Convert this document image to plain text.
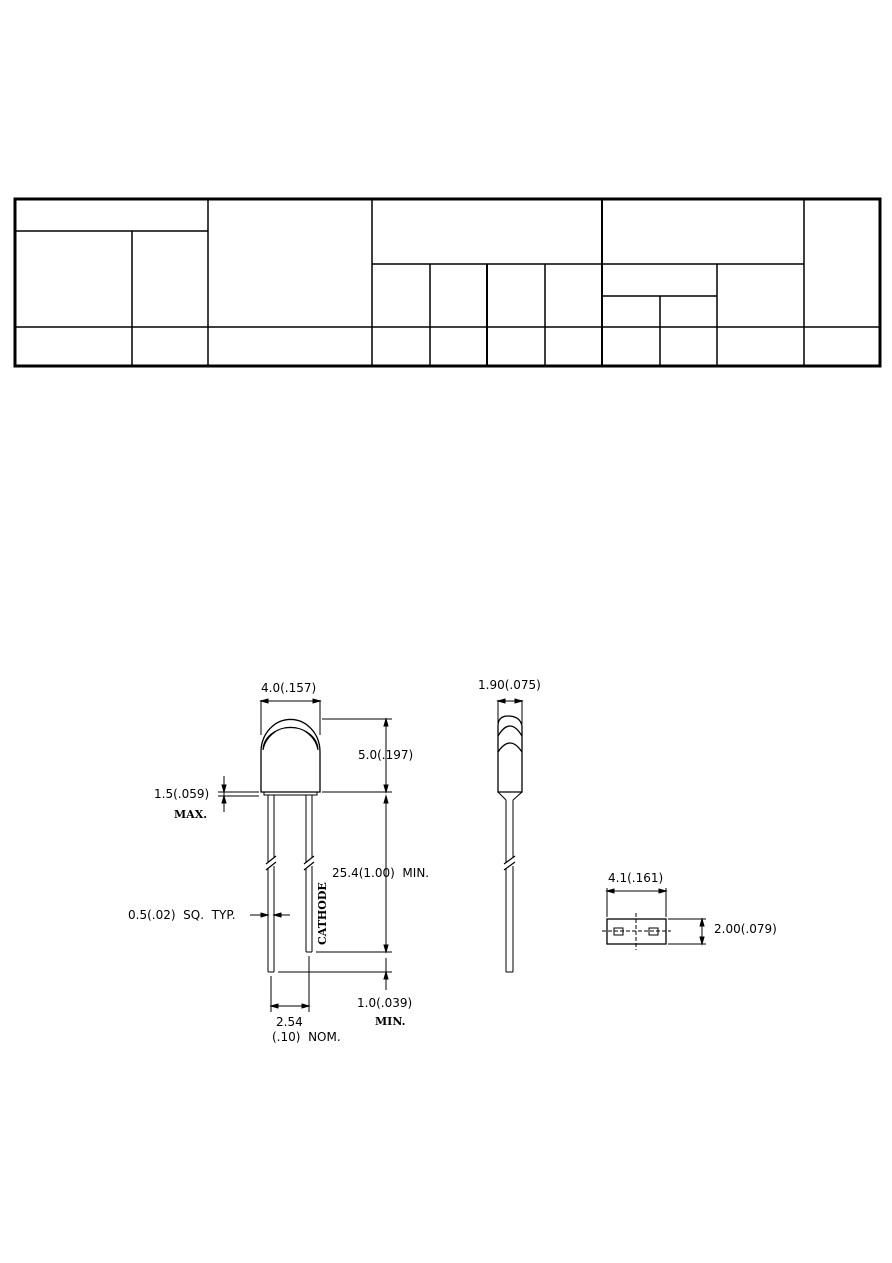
4.0(.157)
5.0(.197)
1.5(.059)
MAX.
25.4(1.00)  MIN.
0.5(.02)  SQ.  TYP.	CATHODE
1.0(.039)
MIN.
2.54
(.10)  NOM.
1.90(.075)
4.1(.161)
2.00(.079)
